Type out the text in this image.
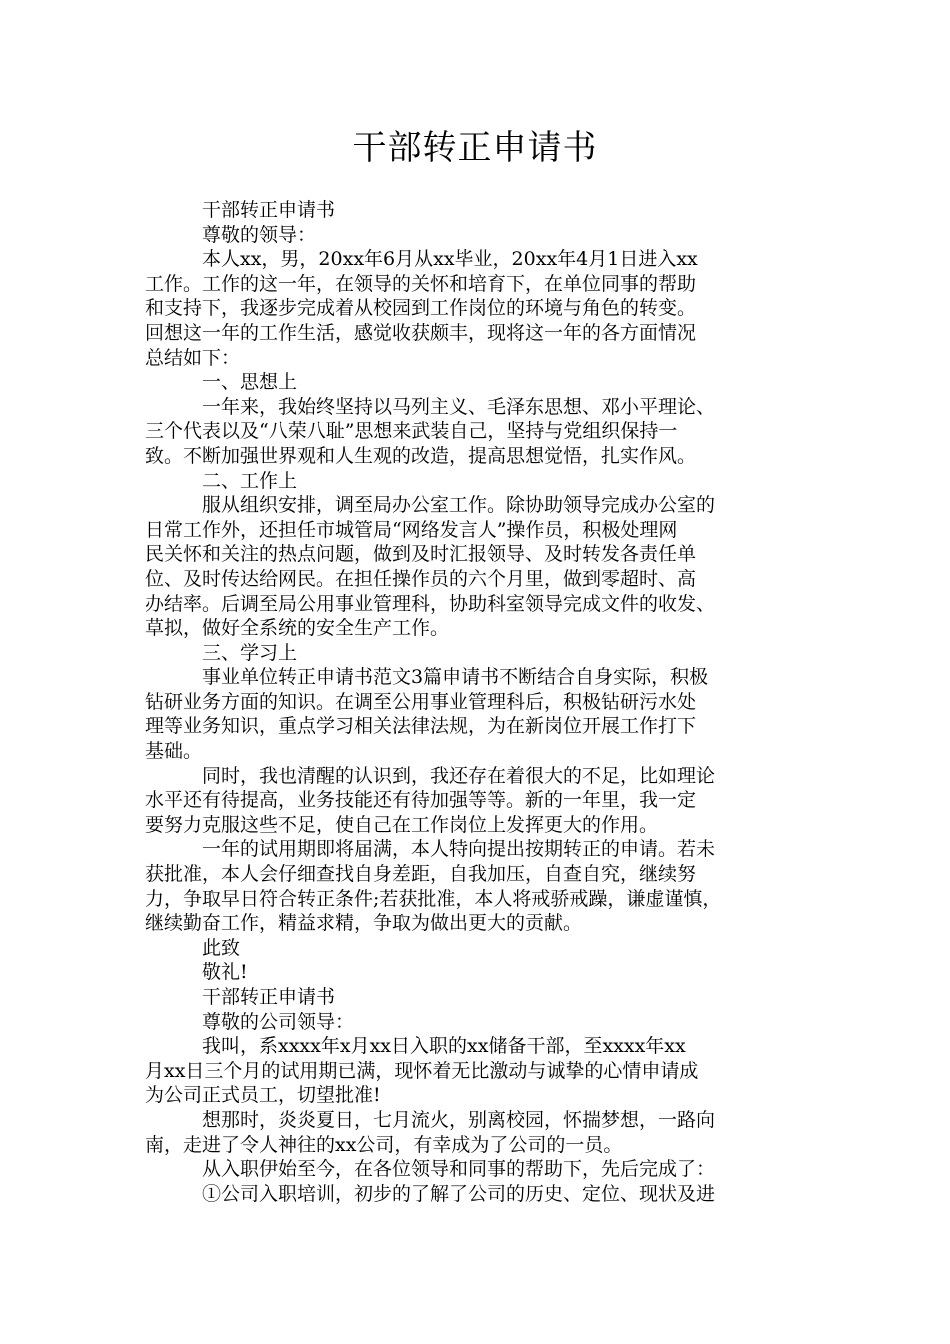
干部转正申请书
干部转正申请书
尊敬的领导：
本人xx，男，20xx年6月从xx毕业，20xx年4月1日进入xx
工作。工作的这一年，在领导的关怀和培育下，在单位同事的帮助
和支持下，我逐步完成着从校园到工作岗位的环境与角色的转变。
回想这一年的工作生活，感觉收获颇丰，现将这一年的各方面情况
总结如下：
一、思想上
一年来，我始终坚持以马列主义、毛泽东思想、邓小平理论、
三个代表以及“八荣八耻”思想来武装自己，坚持与党组织保持一
致。不断加强世界观和人生观的改造，提高思想觉悟，扎实作风。
二、工作上
服从组织安排，调至局办公室工作。除协助领导完成办公室的
日常工作外，还担任市城管局“网络发言人”操作员，积极处理网
民关怀和关注的热点问题，做到及时汇报领导、及时转发各责任单
位、及时传达给网民。在担任操作员的六个月里，做到零超时、高
办结率。后调至局公用事业管理科，协助科室领导完成文件的收发、
草拟，做好全系统的安全生产工作。
三、学习上
事业单位转正申请书范文3篇申请书不断结合自身实际，积极
钻研业务方面的知识。在调至公用事业管理科后，积极钻研污水处
理等业务知识，重点学习相关法律法规，为在新岗位开展工作打下
基础。
同时，我也清醒的认识到，我还存在着很大的不足，比如理论
水平还有待提高，业务技能还有待加强等等。新的一年里，我一定
要努力克服这些不足，使自己在工作岗位上发挥更大的作用。
一年的试用期即将届满，本人特向提出按期转正的申请。若未
获批准，本人会仔细查找自身差距，自我加压，自查自究，继续努
力，争取早日符合转正条件;若获批准，本人将戒骄戒躁，谦虚谨慎，
继续勤奋工作，精益求精，争取为做出更大的贡献。
此致
敬礼!
干部转正申请书
尊敬的公司领导：
我叫，系xxxx年x月xx日入职的xx储备干部，至xxxx年xx
月xx日三个月的试用期已满，现怀着无比激动与诚挚的心情申请成
为公司正式员工，切望批准!
想那时，炎炎夏日，七月流火，别离校园，怀揣梦想，一路向
南，走进了令人神往的xx公司，有幸成为了公司的一员。
从入职伊始至今，在各位领导和同事的帮助下，先后完成了：
①公司入职培训，初步的了解了公司的历史、定位、现状及进
